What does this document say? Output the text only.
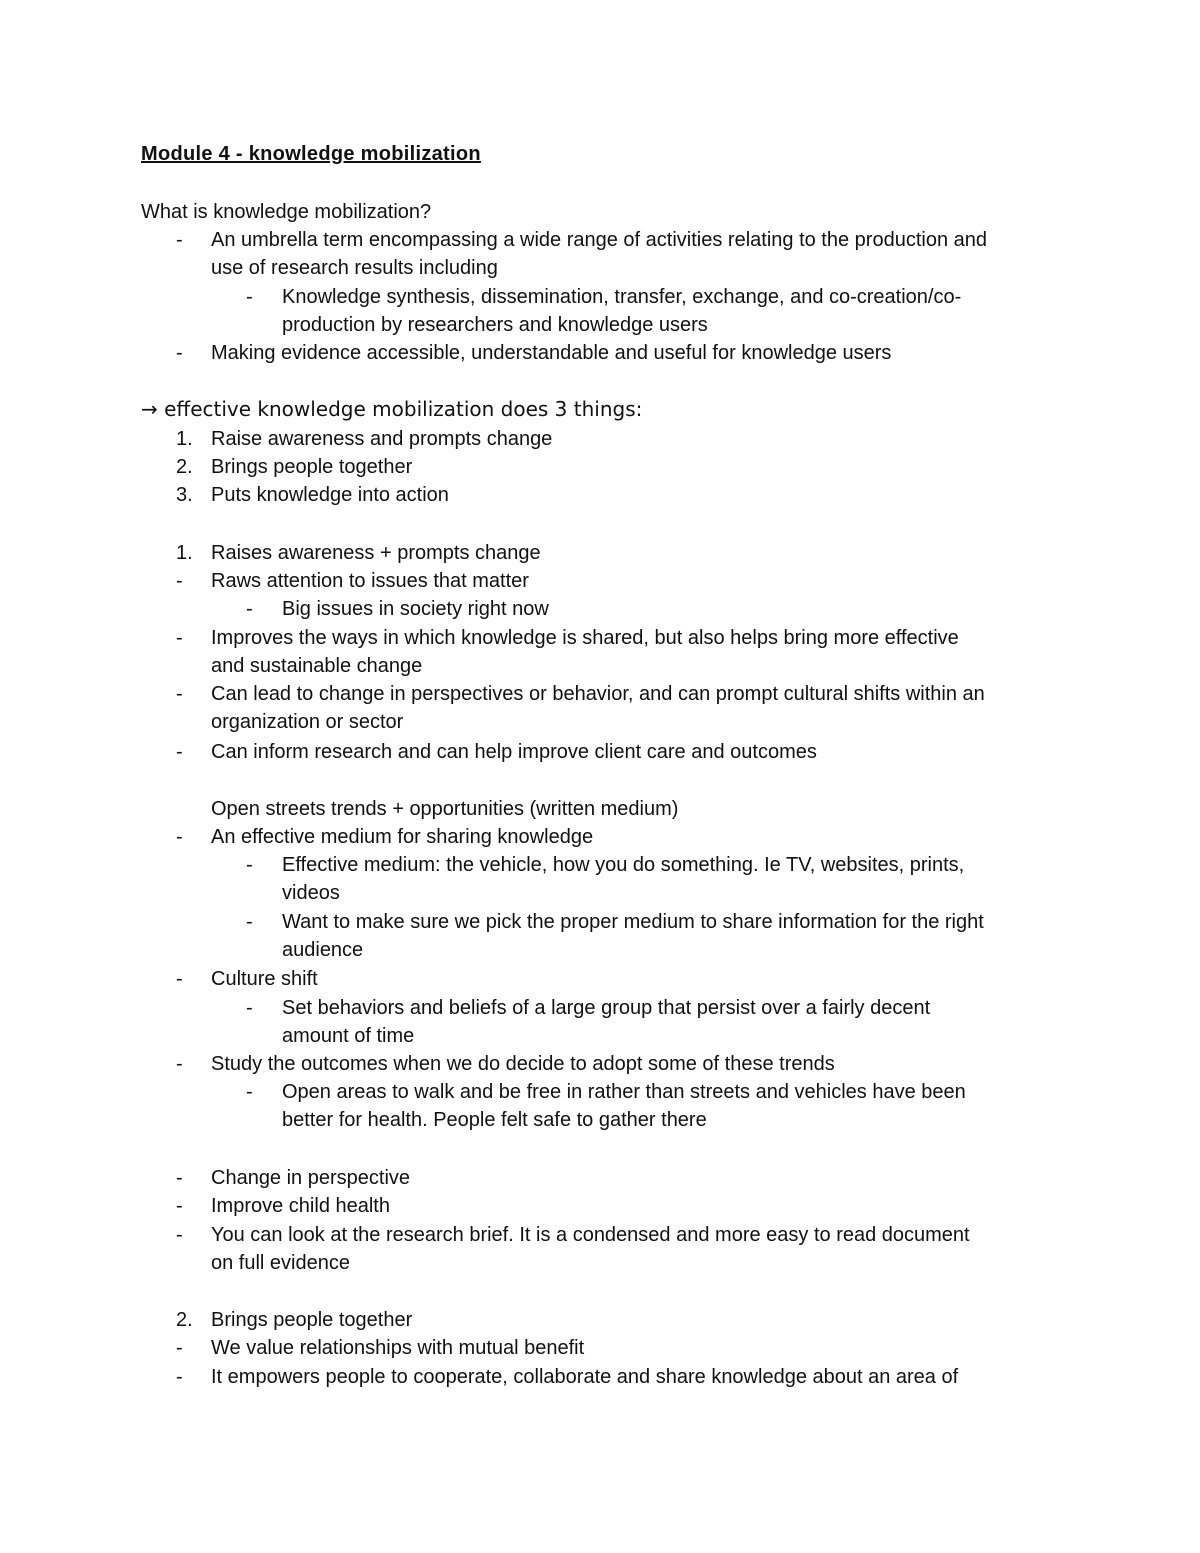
Module 4 - knowledge mobilization
What is knowledge mobilization?
- An umbrella term encompassing a wide range of activities relating to the production and
use of research results including
- Knowledge synthesis, dissemination, transfer, exchange, and co-creation/co-
production by researchers and knowledge users
- Making evidence accessible, understandable and useful for knowledge users
→ effective knowledge mobilization does 3 things:
1. Raise awareness and prompts change
2. Brings people together
3. Puts knowledge into action
1. Raises awareness + prompts change
- Raws attention to issues that matter
- Big issues in society right now
- Improves the ways in which knowledge is shared, but also helps bring more effective
and sustainable change
- Can lead to change in perspectives or behavior, and can prompt cultural shifts within an
organization or sector
- Can inform research and can help improve client care and outcomes
Open streets trends + opportunities (written medium)
- An effective medium for sharing knowledge
- Effective medium: the vehicle, how you do something. Ie TV, websites, prints,
videos
- Want to make sure we pick the proper medium to share information for the right
audience
- Culture shift
- Set behaviors and beliefs of a large group that persist over a fairly decent
amount of time
- Study the outcomes when we do decide to adopt some of these trends
- Open areas to walk and be free in rather than streets and vehicles have been
better for health. People felt safe to gather there
- Change in perspective
- Improve child health
- You can look at the research brief. It is a condensed and more easy to read document
on full evidence
2. Brings people together
- We value relationships with mutual benefit
- It empowers people to cooperate, collaborate and share knowledge about an area of
